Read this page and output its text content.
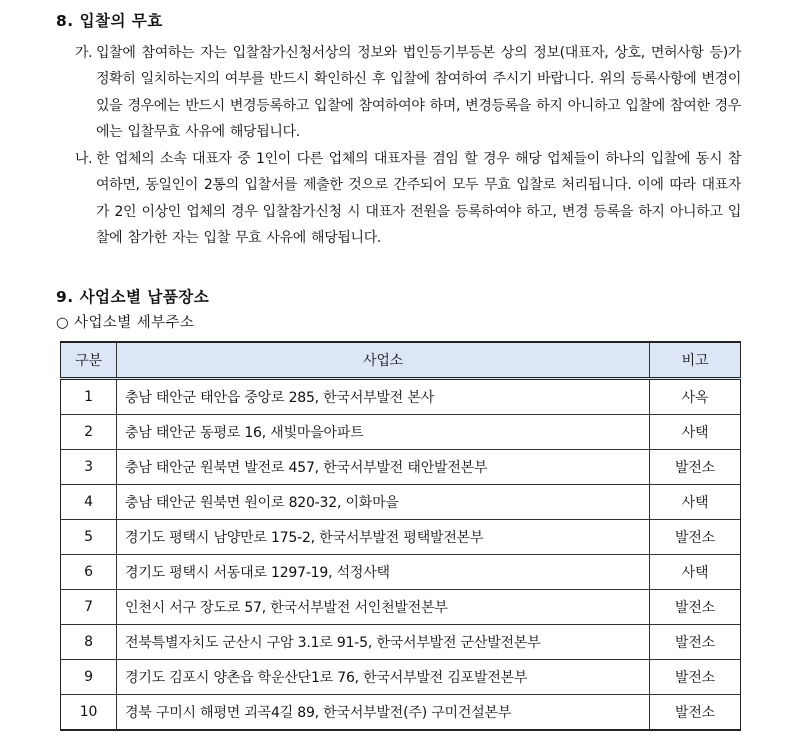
8. 입찰의 무효
가. 입찰에 참여하는 자는 입찰참가신청서상의 정보와 법인등기부등본 상의 정보(대표자, 상호, 면허사항 등)가 정확히 일치하는지의 여부를 반드시 확인하신 후 입찰에 참여하여 주시기 바랍니다. 위의 등록사항에 변경이 있을 경우에는 반드시 변경등록하고 입찰에 참여하여야 하며, 변경등록을 하지 아니하고 입찰에 참여한 경우에는 입찰무효 사유에 해당됩니다.
나. 한 업체의 소속 대표자 중 1인이 다른 업체의 대표자를 겸임 할 경우 해당 업체들이 하나의 입찰에 동시 참여하면, 동일인이 2통의 입찰서를 제출한 것으로 간주되어 모두 무효 입찰로 처리됩니다. 이에 따라 대표자가 2인 이상인 업체의 경우 입찰참가신청 시 대표자 전원을 등록하여야 하고, 변경 등록을 하지 아니하고 입찰에 참가한 자는 입찰 무효 사유에 해당됩니다.
9. 사업소별 납품장소
○ 사업소별 세부주소
구분	사업소	비고
1	충남 태안군 태안읍 중앙로 285, 한국서부발전 본사	사옥
2	충남 태안군 동평로 16, 새빛마을아파트	사택
3	충남 태안군 원북면 발전로 457, 한국서부발전 태안발전본부	발전소
4	충남 태안군 원북면 원이로 820-32, 이화마을	사택
5	경기도 평택시 남양만로 175-2, 한국서부발전 평택발전본부	발전소
6	경기도 평택시 서동대로 1297-19, 석정사택	사택
7	인천시 서구 장도로 57, 한국서부발전 서인천발전본부	발전소
8	전북특별자치도 군산시 구암 3.1로 91-5, 한국서부발전 군산발전본부	발전소
9	경기도 김포시 양촌읍 학운산단1로 76, 한국서부발전 김포발전본부	발전소
10	경북 구미시 해평면 괴곡4길 89, 한국서부발전(주) 구미건설본부	발전소
